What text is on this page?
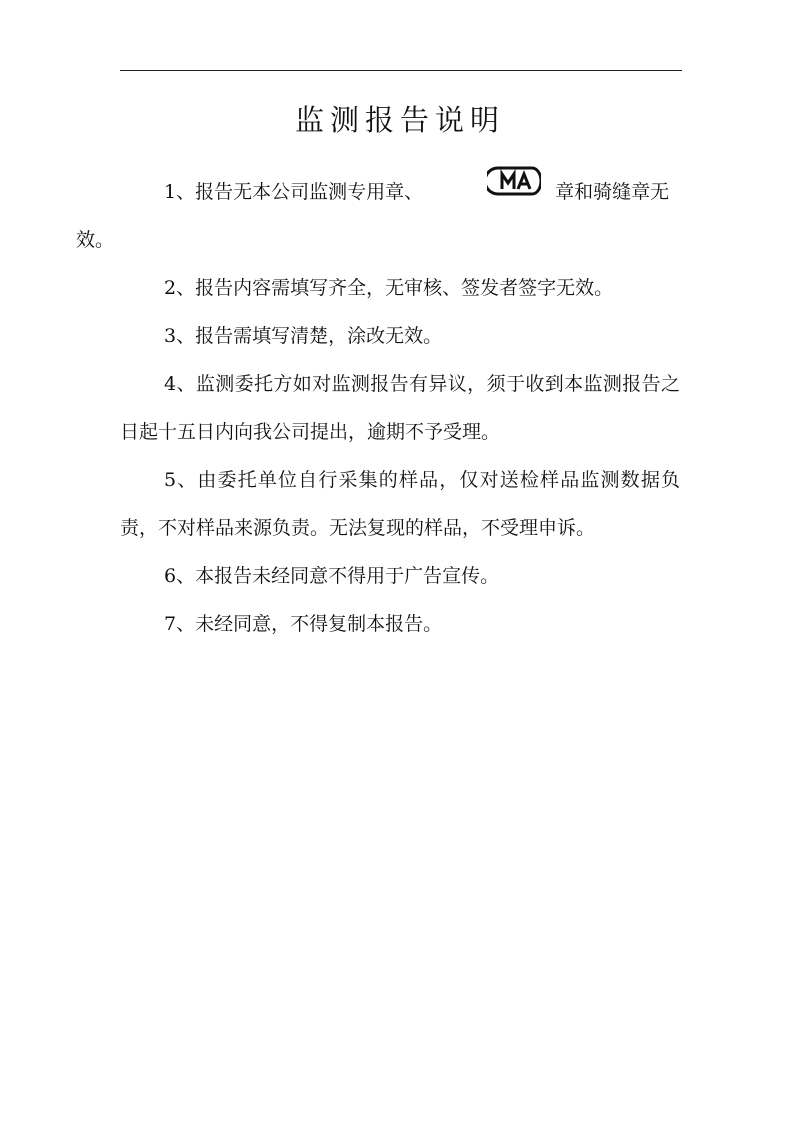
监测报告说明

1、报告无本公司监测专用章、	章和骑缝章无
效。

2、报告内容需填写齐全，无审核、签发者签字无效。

3、报告需填写清楚，涂改无效。

4、监测委托方如对监测报告有异议，须于收到本监测报告之日起十五日内向我公司提出，逾期不予受理。

5、由委托单位自行采集的样品，仅对送检样品监测数据负责，不对样品来源负责。无法复现的样品，不受理申诉。

6、本报告未经同意不得用于广告宣传。

7、未经同意，不得复制本报告。
